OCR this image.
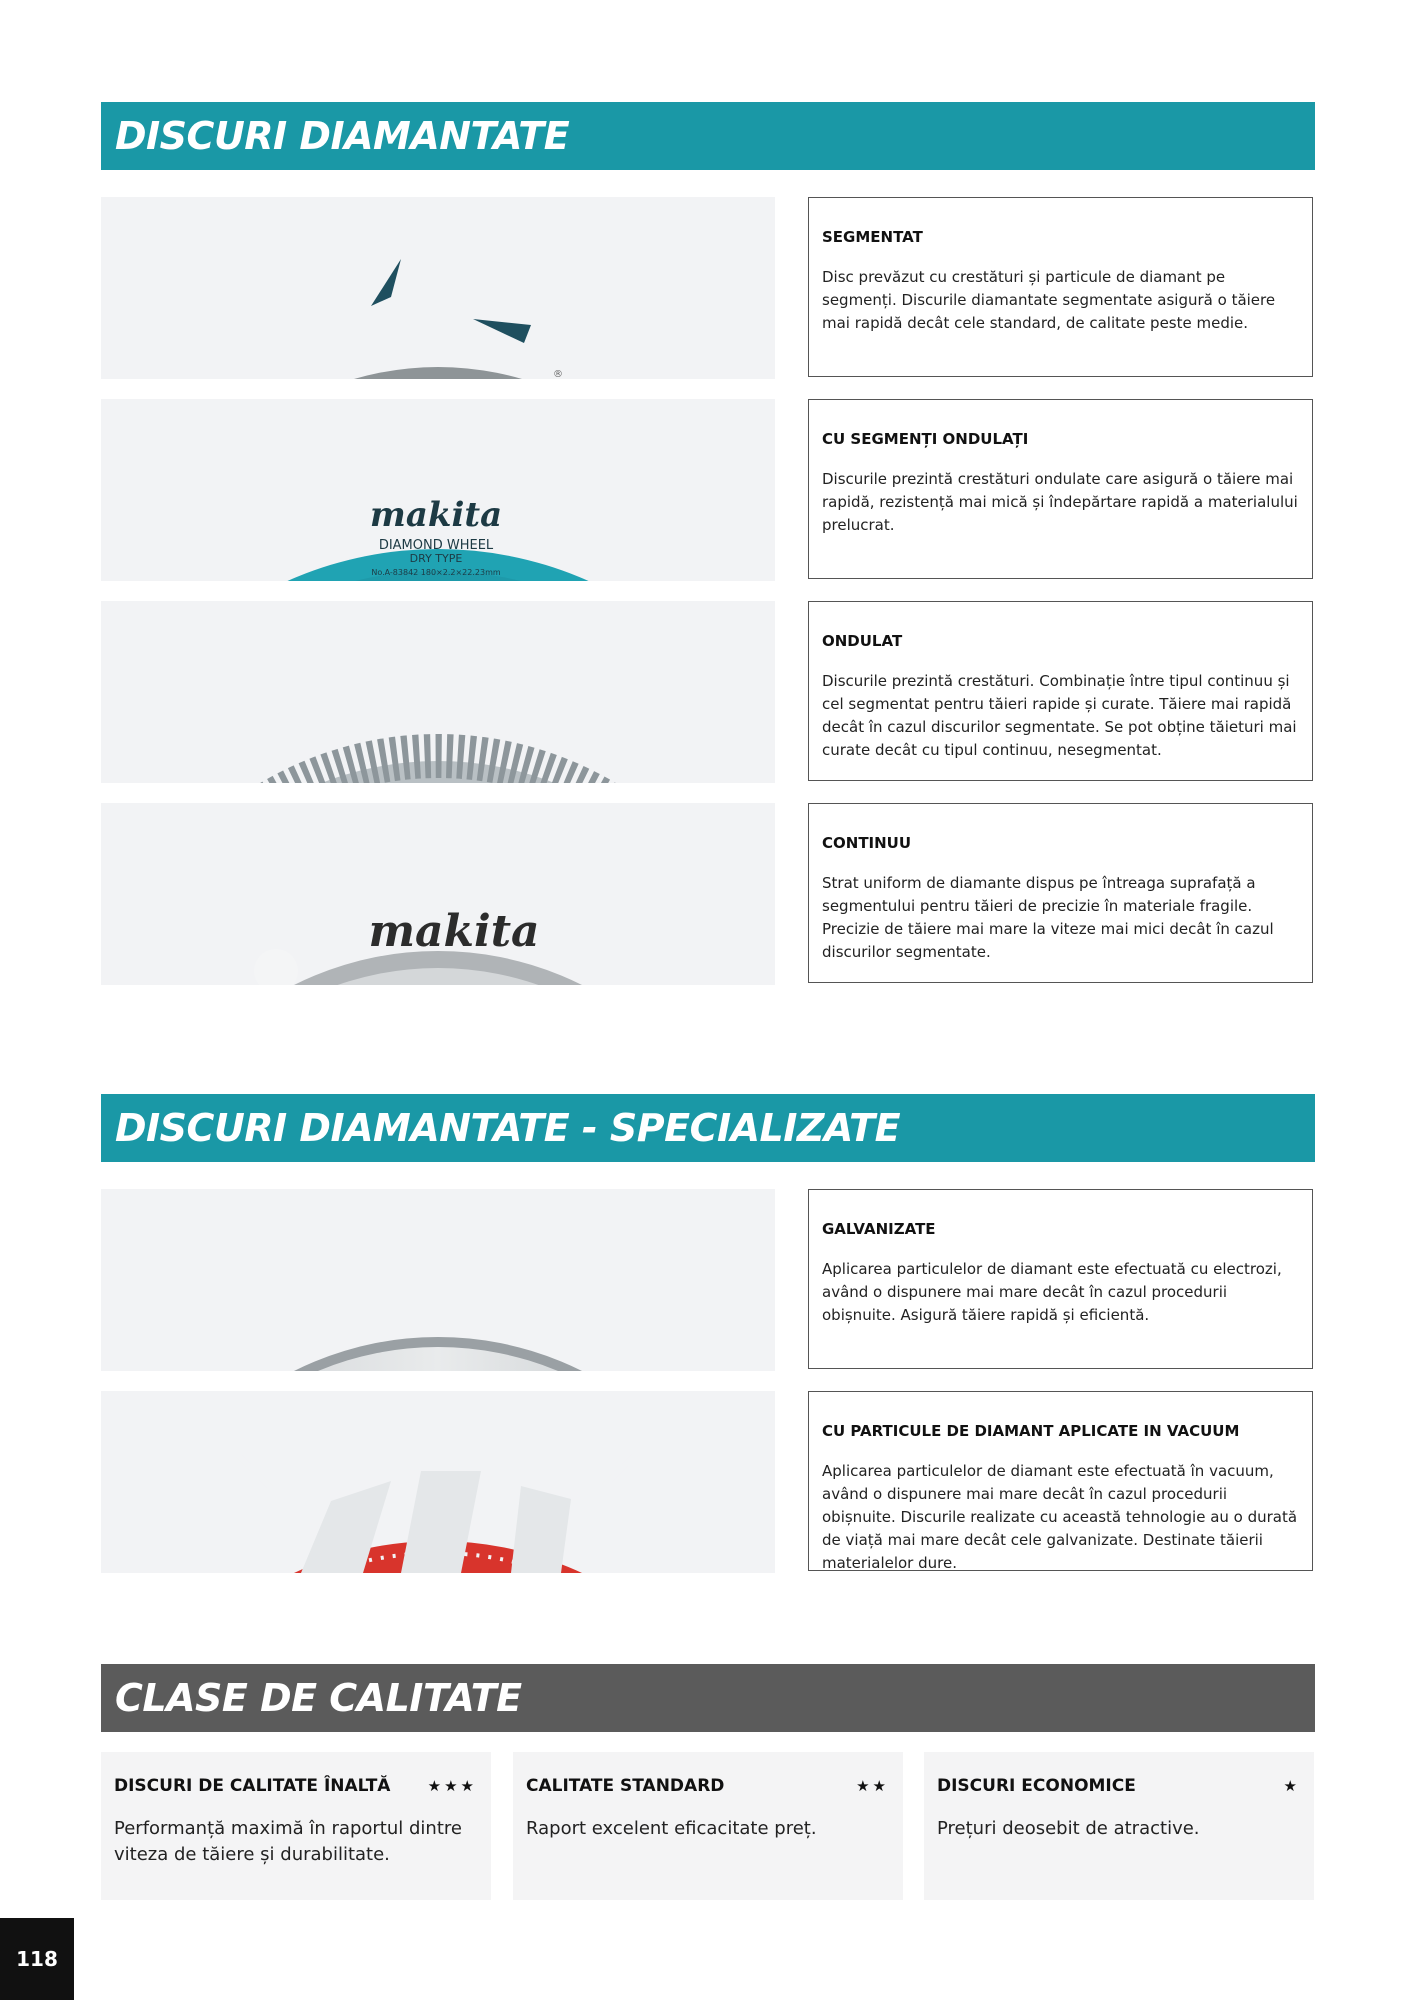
DISCURI DIAMANTATE
®
SEGMENTAT

Disc prevăzut cu crestături și particule de diamant pe segmenți. Discurile diamantate segmentate asigură o tăiere mai rapidă decât cele standard, de calitate peste medie.

makita
DIAMOND WHEEL
DRY TYPE
No.A-83842 180×2.2×22.23mm
CU SEGMENȚI ONDULAȚI

Discurile prezintă crestături ondulate care asigură o tăiere mai rapidă, rezistență mai mică și îndepărtare rapidă a materialului prelucrat.

ONDULAT

Discurile prezintă crestături. Combinație între tipul continuu și cel segmentat pentru tăieri rapide și curate. Tăiere mai rapidă decât în cazul discurilor segmentate. Se pot obține tăieturi mai curate decât cu tipul continuu, nesegmentat.

makita
CONTINUU

Strat uniform de diamante dispus pe întreaga suprafață a segmentului pentru tăieri de precizie în materiale fragile. Precizie de tăiere mai mare la viteze mai mici decât în cazul discurilor segmentate.

DISCURI DIAMANTATE - SPECIALIZATE
GALVANIZATE

Aplicarea particulelor de diamant este efectuată cu electrozi, având o dispunere mai mare decât în cazul procedurii obișnuite. Asigură tăiere rapidă și eficientă.

CU PARTICULE DE DIAMANT APLICATE IN VACUUM

Aplicarea particulelor de diamant este efectuată în vacuum, având o dispunere mai mare decât în cazul procedurii obișnuite. Discurile realizate cu această tehnologie au o durată de viață mai mare decât cele galvanizate. Destinate tăierii materialelor dure.

CLASE DE CALITATE
DISCURI DE CALITATE ÎNALTĂ ★★★

Performanță maximă în raportul dintre viteza de tăiere și durabilitate.

CALITATE STANDARD	★★

Raport excelent eficacitate preț.

DISCURI ECONOMICE	★

Prețuri deosebit de atractive.

118
